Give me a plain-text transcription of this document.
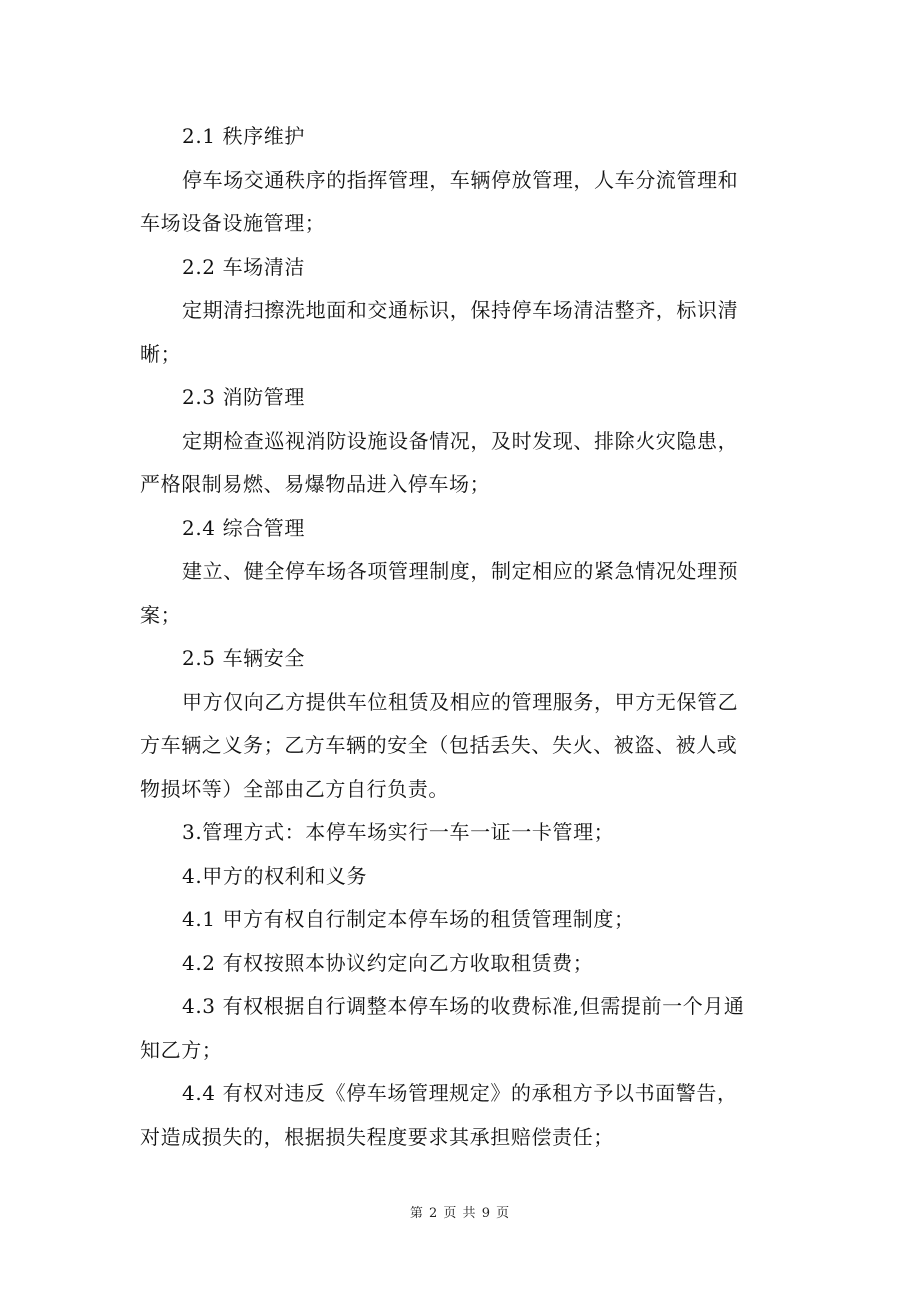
2.1 秩序维护
停车场交通秩序的指挥管理，车辆停放管理，人车分流管理和
车场设备设施管理；
2.2 车场清洁
定期清扫擦洗地面和交通标识，保持停车场清洁整齐，标识清
晰；
2.3 消防管理
定期检查巡视消防设施设备情况，及时发现、排除火灾隐患，
严格限制易燃、易爆物品进入停车场；
2.4 综合管理
建立、健全停车场各项管理制度，制定相应的紧急情况处理预
案；
2.5 车辆安全
甲方仅向乙方提供车位租赁及相应的管理服务，甲方无保管乙
方车辆之义务；乙方车辆的安全（包括丢失、失火、被盗、被人或
物损坏等）全部由乙方自行负责。
3.管理方式：本停车场实行一车一证一卡管理；
4.甲方的权利和义务
4.1 甲方有权自行制定本停车场的租赁管理制度；
4.2 有权按照本协议约定向乙方收取租赁费；
4.3 有权根据自行调整本停车场的收费标准,但需提前一个月通
知乙方；
4.4 有权对违反《停车场管理规定》的承租方予以书面警告，
对造成损失的，根据损失程度要求其承担赔偿责任；
第 2 页 共 9 页
